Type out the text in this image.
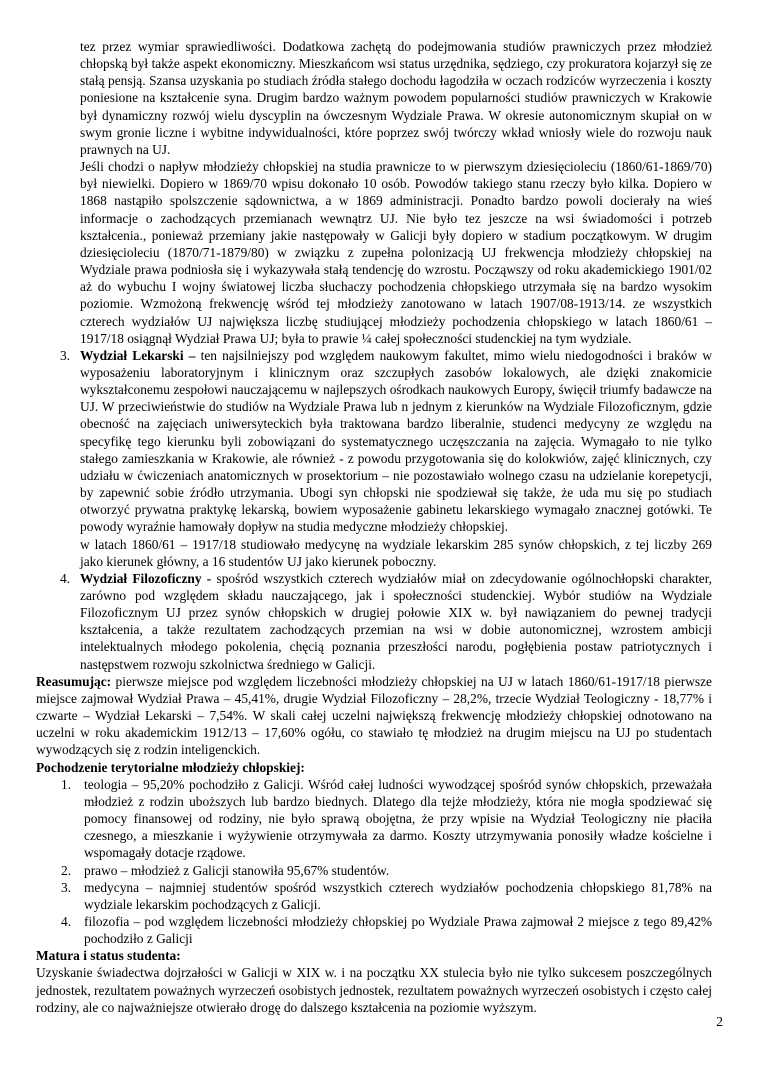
tez przez wymiar sprawiedliwości. Dodatkowa zachętą do podejmowania studiów prawniczych przez młodzież chłopską był także aspekt ekonomiczny. Mieszkańcom wsi status urzędnika, sędziego, czy prokuratora kojarzył się ze stałą pensją. Szansa uzyskania po studiach źródła stałego dochodu łagodziła w oczach rodziców wyrzeczenia i koszty poniesione na kształcenie syna. Drugim bardzo ważnym powodem popularności studiów prawniczych w Krakowie był dynamiczny rozwój wielu dyscyplin na ówczesnym Wydziale Prawa. W okresie autonomicznym skupiał on w swym gronie liczne i wybitne indywidualności, które poprzez swój twórczy wkład wniosły wiele do rozwoju nauk prawnych na UJ.

Jeśli chodzi o napływ młodzieży chłopskiej na studia prawnicze to w pierwszym dziesięcioleciu (1860/61-1869/70) był niewielki. Dopiero w 1869/70 wpisu dokonało 10 osób. Powodów takiego stanu rzeczy było kilka. Dopiero w 1868 nastąpiło spolszczenie sądownictwa, a w 1869 administracji. Ponadto bardzo powoli docierały na wieś informacje o zachodzących przemianach wewnątrz UJ. Nie było tez jeszcze na wsi świadomości i potrzeb kształcenia., ponieważ przemiany jakie następowały w Galicji były dopiero w stadium początkowym. W drugim dziesięcioleciu (1870/71-1879/80) w związku z zupełna polonizacją UJ frekwencja młodzieży chłopskiej na Wydziale prawa podniosła się i wykazywała stałą tendencję do wzrostu. Począwszy od roku akademickiego 1901/02 aż do wybuchu I wojny światowej liczba słuchaczy pochodzenia chłopskiego utrzymała się na bardzo wysokim poziomie. Wzmożoną frekwencję wśród tej młodzieży zanotowano w latach 1907/08-1913/14. ze wszystkich czterech wydziałów UJ największa liczbę studiującej młodzieży pochodzenia chłopskiego w latach 1860/61 – 1917/18 osiągnął Wydział Prawa UJ; była to prawie ¼ całej społeczności studenckiej na tym wydziale.

3. Wydział Lekarski – ten najsilniejszy pod względem naukowym fakultet, mimo wielu niedogodności i braków w wyposażeniu laboratoryjnym i klinicznym oraz szczupłych zasobów lokalowych, ale dzięki znakomicie wykształconemu zespołowi nauczającemu w najlepszych ośrodkach naukowych Europy, święcił triumfy badawcze na UJ. W przeciwieństwie do studiów na Wydziale Prawa lub n jednym z kierunków na Wydziale Filozoficznym, gdzie obecność na zajęciach uniwersyteckich była traktowana bardzo liberalnie, studenci medycyny ze względu na specyfikę tego kierunku byli zobowiązani do systematycznego uczęszczania na zajęcia. Wymagało to nie tylko stałego zamieszkania w Krakowie, ale również - z powodu przygotowania się do kolokwiów, zajęć klinicznych, czy udziału w ćwiczeniach anatomicznych w prosektorium – nie pozostawiało wolnego czasu na udzielanie korepetycji, by zapewnić sobie źródło utrzymania. Ubogi syn chłopski nie spodziewał się także, że uda mu się po studiach otworzyć prywatna praktykę lekarską, bowiem wyposażenie gabinetu lekarskiego wymagało znacznej gotówki. Te powody wyraźnie hamowały dopływ na studia medyczne młodzieży chłopskiej.
w latach 1860/61 – 1917/18 studiowało medycynę na wydziale lekarskim 285 synów chłopskich, z tej liczby 269 jako kierunek główny, a 16 studentów UJ jako kierunek poboczny.
4. Wydział Filozoficzny - spośród wszystkich czterech wydziałów miał on zdecydowanie ogólnochłopski charakter, zarówno pod względem składu nauczającego, jak i społeczności studenckiej. Wybór studiów na Wydziale Filozoficznym UJ przez synów chłopskich w drugiej połowie XIX w. był nawiązaniem do pewnej tradycji kształcenia, a także rezultatem zachodzących przemian na wsi w dobie autonomicznej, wzrostem ambicji intelektualnych młodego pokolenia, chęcią poznania przeszłości narodu, pogłębienia postaw patriotycznych i następstwem rozwoju szkolnictwa średniego w Galicji.

Reasumując: pierwsze miejsce pod względem liczebności młodzieży chłopskiej na UJ w latach 1860/61-1917/18 pierwsze miejsce zajmował Wydział Prawa – 45,41%, drugie Wydział Filozoficzny – 28,2%, trzecie Wydział Teologiczny - 18,77% i czwarte – Wydział Lekarski – 7,54%. W skali całej uczelni największą frekwencję młodzieży chłopskiej odnotowano na uczelni w roku akademickim 1912/13 – 17,60% ogółu, co stawiało tę młodzież na drugim miejscu na UJ po studentach wywodzących się z rodzin inteligenckich.

Pochodzenie terytorialne młodzieży chłopskiej:

1. teologia – 95,20% pochodziło z Galicji. Wśród całej ludności wywodzącej spośród synów chłopskich, przeważała młodzież z rodzin uboższych lub bardzo biednych. Dlatego dla tejże młodzieży, która nie mogła spodziewać się pomocy finansowej od rodziny, nie było sprawą obojętna, że przy wpisie na Wydział Teologiczny nie płaciła czesnego, a mieszkanie i wyżywienie otrzymywała za darmo. Koszty utrzymywania ponosiły władze kościelne i wspomagały dotacje rządowe.
2. prawo – młodzież z Galicji stanowiła 95,67% studentów.
3. medycyna – najmniej studentów spośród wszystkich czterech wydziałów pochodzenia chłopskiego 81,78% na wydziale lekarskim pochodzących z Galicji.
4. filozofia – pod względem liczebności młodzieży chłopskiej po Wydziale Prawa zajmował 2 miejsce z tego 89,42% pochodziło z Galicji

Matura i status studenta:

Uzyskanie świadectwa dojrzałości w Galicji w XIX w. i na początku XX stulecia było nie tylko sukcesem poszczególnych jednostek, rezultatem poważnych wyrzeczeń osobistych jednostek, rezultatem poważnych wyrzeczeń osobistych i często całej rodziny, ale co najważniejsze otwierało drogę do dalszego kształcenia na poziomie wyższym.

2
